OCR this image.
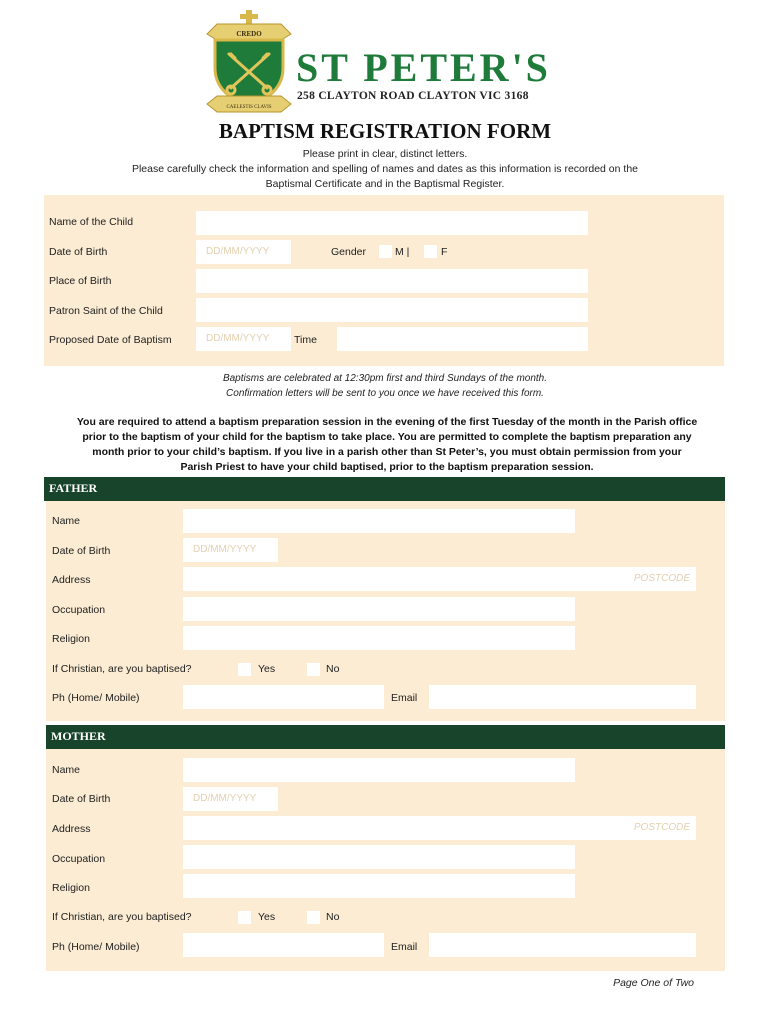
CREDO
CAELESTIS CLAVIS
ST PETER'S
258 CLAYTON ROAD CLAYTON VIC 3168
BAPTISM REGISTRATION FORM
Please print in clear, distinct letters.
Please carefully check the information and spelling of names and dates as this information is recorded on the
Baptismal Certificate and in the Baptismal Register.
Name of the Child
Date of Birth	DD/MM/YYYY	Gender	M |	F
Place of Birth
Patron Saint of the Child
Proposed Date of Baptism	DD/MM/YYYY	Time
Baptisms are celebrated at 12:30pm first and third Sundays of the month.
Confirmation letters will be sent to you once we have received this form.
You are required to attend a baptism preparation session in the evening of the first Tuesday of the month in the Parish office
prior to the baptism of your child for the baptism to take place. You are permitted to complete the baptism preparation any
month prior to your child’s baptism. If you live in a parish other than St Peter’s, you must obtain permission from your
Parish Priest to have your child baptised, prior to the baptism preparation session.
FATHER
Name
Date of Birth	DD/MM/YYYY
Address	POSTCODE
Occupation
Religion
If Christian, are you baptised?	Yes	No
Ph (Home/ Mobile)	Email
MOTHER
Name
Date of Birth	DD/MM/YYYY
Address	POSTCODE
Occupation
Religion
If Christian, are you baptised?	Yes	No
Ph (Home/ Mobile)	Email
Page One of Two
